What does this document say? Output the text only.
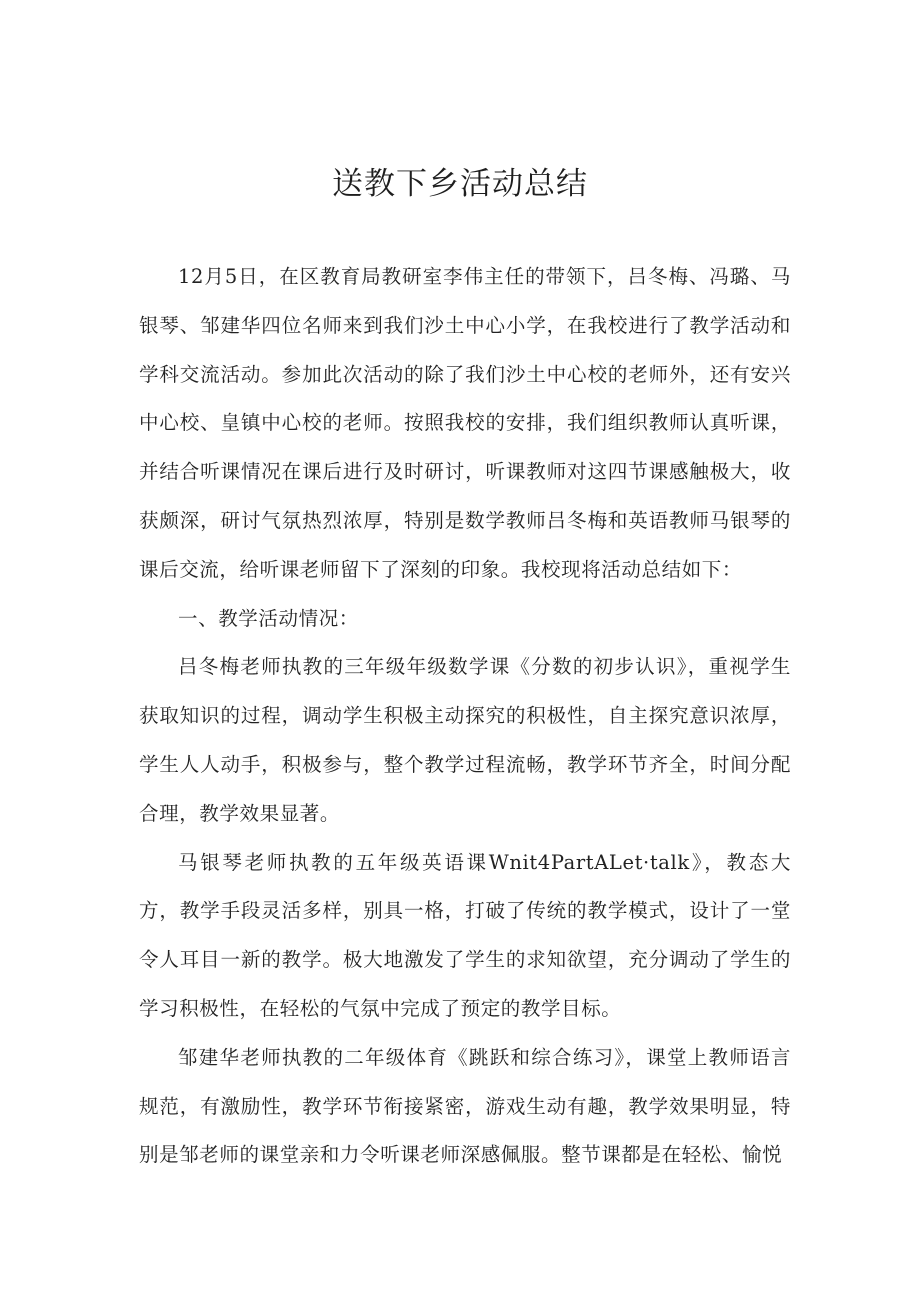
送教下乡活动总结

12月5日，在区教育局教研室李伟主任的带领下，吕冬梅、冯璐、马银琴、邹建华四位名师来到我们沙土中心小学，在我校进行了教学活动和学科交流活动。参加此次活动的除了我们沙土中心校的老师外，还有安兴中心校、皇镇中心校的老师。按照我校的安排，我们组织教师认真听课，并结合听课情况在课后进行及时研讨，听课教师对这四节课感触极大，收获颇深，研讨气氛热烈浓厚，特别是数学教师吕冬梅和英语教师马银琴的课后交流，给听课老师留下了深刻的印象。我校现将活动总结如下：

一、教学活动情况：

吕冬梅老师执教的三年级年级数学课《分数的初步认识》，重视学生获取知识的过程，调动学生积极主动探究的积极性，自主探究意识浓厚，学生人人动手，积极参与，整个教学过程流畅，教学环节齐全，时间分配合理，教学效果显著。

马银琴老师执教的五年级英语课Wnit4PartALet·talk》，教态大方，教学手段灵活多样，别具一格，打破了传统的教学模式，设计了一堂令人耳目一新的教学。极大地激发了学生的求知欲望，充分调动了学生的学习积极性，在轻松的气氛中完成了预定的教学目标。

邹建华老师执教的二年级体育《跳跃和综合练习》，课堂上教师语言规范，有激励性，教学环节衔接紧密，游戏生动有趣，教学效果明显，特别是邹老师的课堂亲和力令听课老师深感佩服。整节课都是在轻松、愉悦
